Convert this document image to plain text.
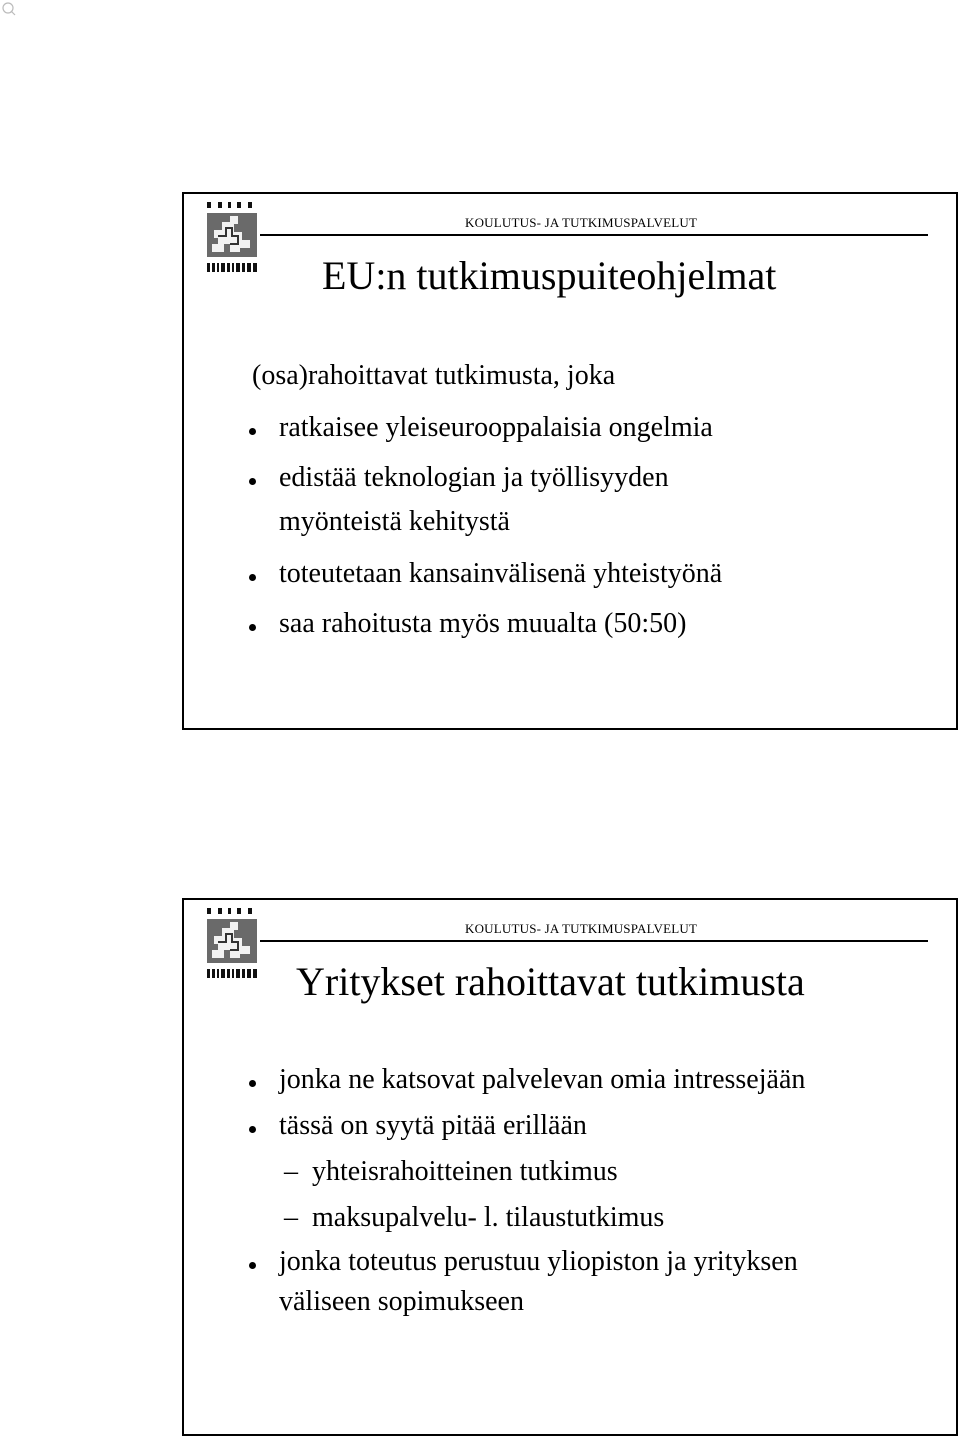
KOULUTUS- JA TUTKIMUSPALVELUT
EU:n tutkimuspuiteohjelmat
(osa)rahoittavat tutkimusta, joka
ratkaisee yleiseurooppalaisia ongelmia
edistää teknologian ja työllisyyden
myönteistä kehitystä
toteutetaan kansainvälisenä yhteistyönä
saa rahoitusta myös muualta (50:50)
KOULUTUS- JA TUTKIMUSPALVELUT
Yritykset rahoittavat tutkimusta
jonka ne katsovat palvelevan omia intressejään
tässä on syytä pitää erillään
– yhteisrahoitteinen tutkimus
– maksupalvelu- l. tilaustutkimus
jonka toteutus perustuu yliopiston ja yrityksen
väliseen sopimukseen
